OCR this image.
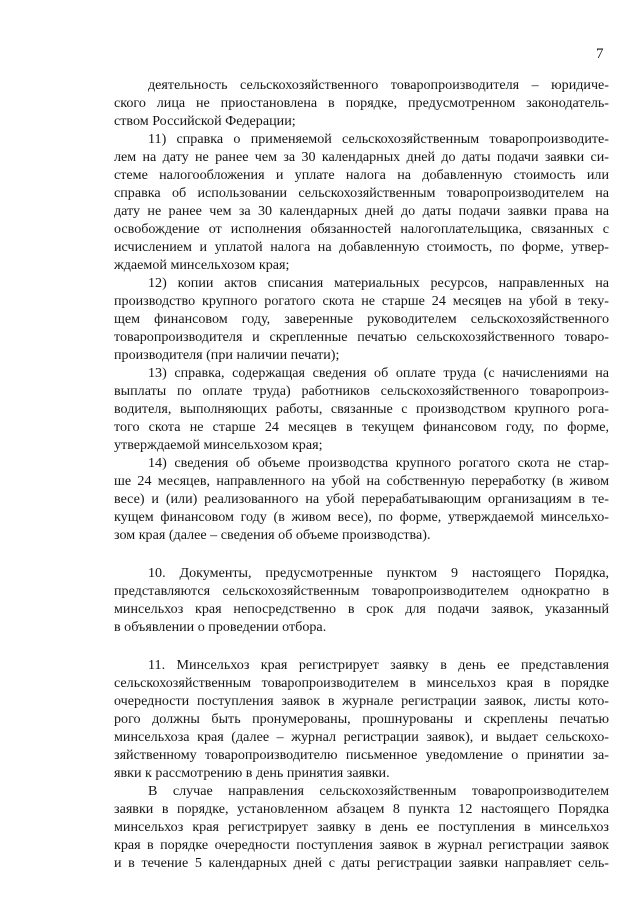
7
деятельность сельскохозяйственного товаропроизводителя – юридиче-
ского лица не приостановлена в порядке, предусмотренном законодатель-
ством Российской Федерации;
11) справка о применяемой сельскохозяйственным товаропроизводите-
лем на дату не ранее чем за 30 календарных дней до даты подачи заявки си-
стеме налогообложения и уплате налога на добавленную стоимость или
справка об использовании сельскохозяйственным товаропроизводителем на
дату не ранее чем за 30 календарных дней до даты подачи заявки права на
освобождение от исполнения обязанностей налогоплательщика, связанных с
исчислением и уплатой налога на добавленную стоимость, по форме, утвер-
ждаемой минсельхозом края;
12) копии актов списания материальных ресурсов, направленных на
производство крупного рогатого скота не старше 24 месяцев на убой в теку-
щем финансовом году, заверенные руководителем сельскохозяйственного
товаропроизводителя и скрепленные печатью сельскохозяйственного товаро-
производителя (при наличии печати);
13) справка, содержащая сведения об оплате труда (с начислениями на
выплаты по оплате труда) работников сельскохозяйственного товаропроиз-
водителя, выполняющих работы, связанные с производством крупного рога-
того скота не старше 24 месяцев в текущем финансовом году, по форме,
утверждаемой минсельхозом края;
14) сведения об объеме производства крупного рогатого скота не стар-
ше 24 месяцев, направленного на убой на собственную переработку (в живом
весе) и (или) реализованного на убой перерабатывающим организациям в те-
кущем финансовом году (в живом весе), по форме, утверждаемой минсельхо-
зом края (далее – сведения об объеме производства).
10. Документы, предусмотренные пунктом 9 настоящего Порядка,
представляются сельскохозяйственным товаропроизводителем однократно в
минсельхоз края непосредственно в срок для подачи заявок, указанный
в объявлении о проведении отбора.
11. Минсельхоз края регистрирует заявку в день ее представления
сельскохозяйственным товаропроизводителем в минсельхоз края в порядке
очередности поступления заявок в журнале регистрации заявок, листы кото-
рого должны быть пронумерованы, прошнурованы и скреплены печатью
минсельхоза края (далее – журнал регистрации заявок), и выдает сельскохо-
зяйственному товаропроизводителю письменное уведомление о принятии за-
явки к рассмотрению в день принятия заявки.
В случае направления сельскохозяйственным товаропроизводителем
заявки в порядке, установленном абзацем 8 пункта 12 настоящего Порядка
минсельхоз края регистрирует заявку в день ее поступления в минсельхоз
края в порядке очередности поступления заявок в журнал регистрации заявок
и в течение 5 календарных дней с даты регистрации заявки направляет сель-
